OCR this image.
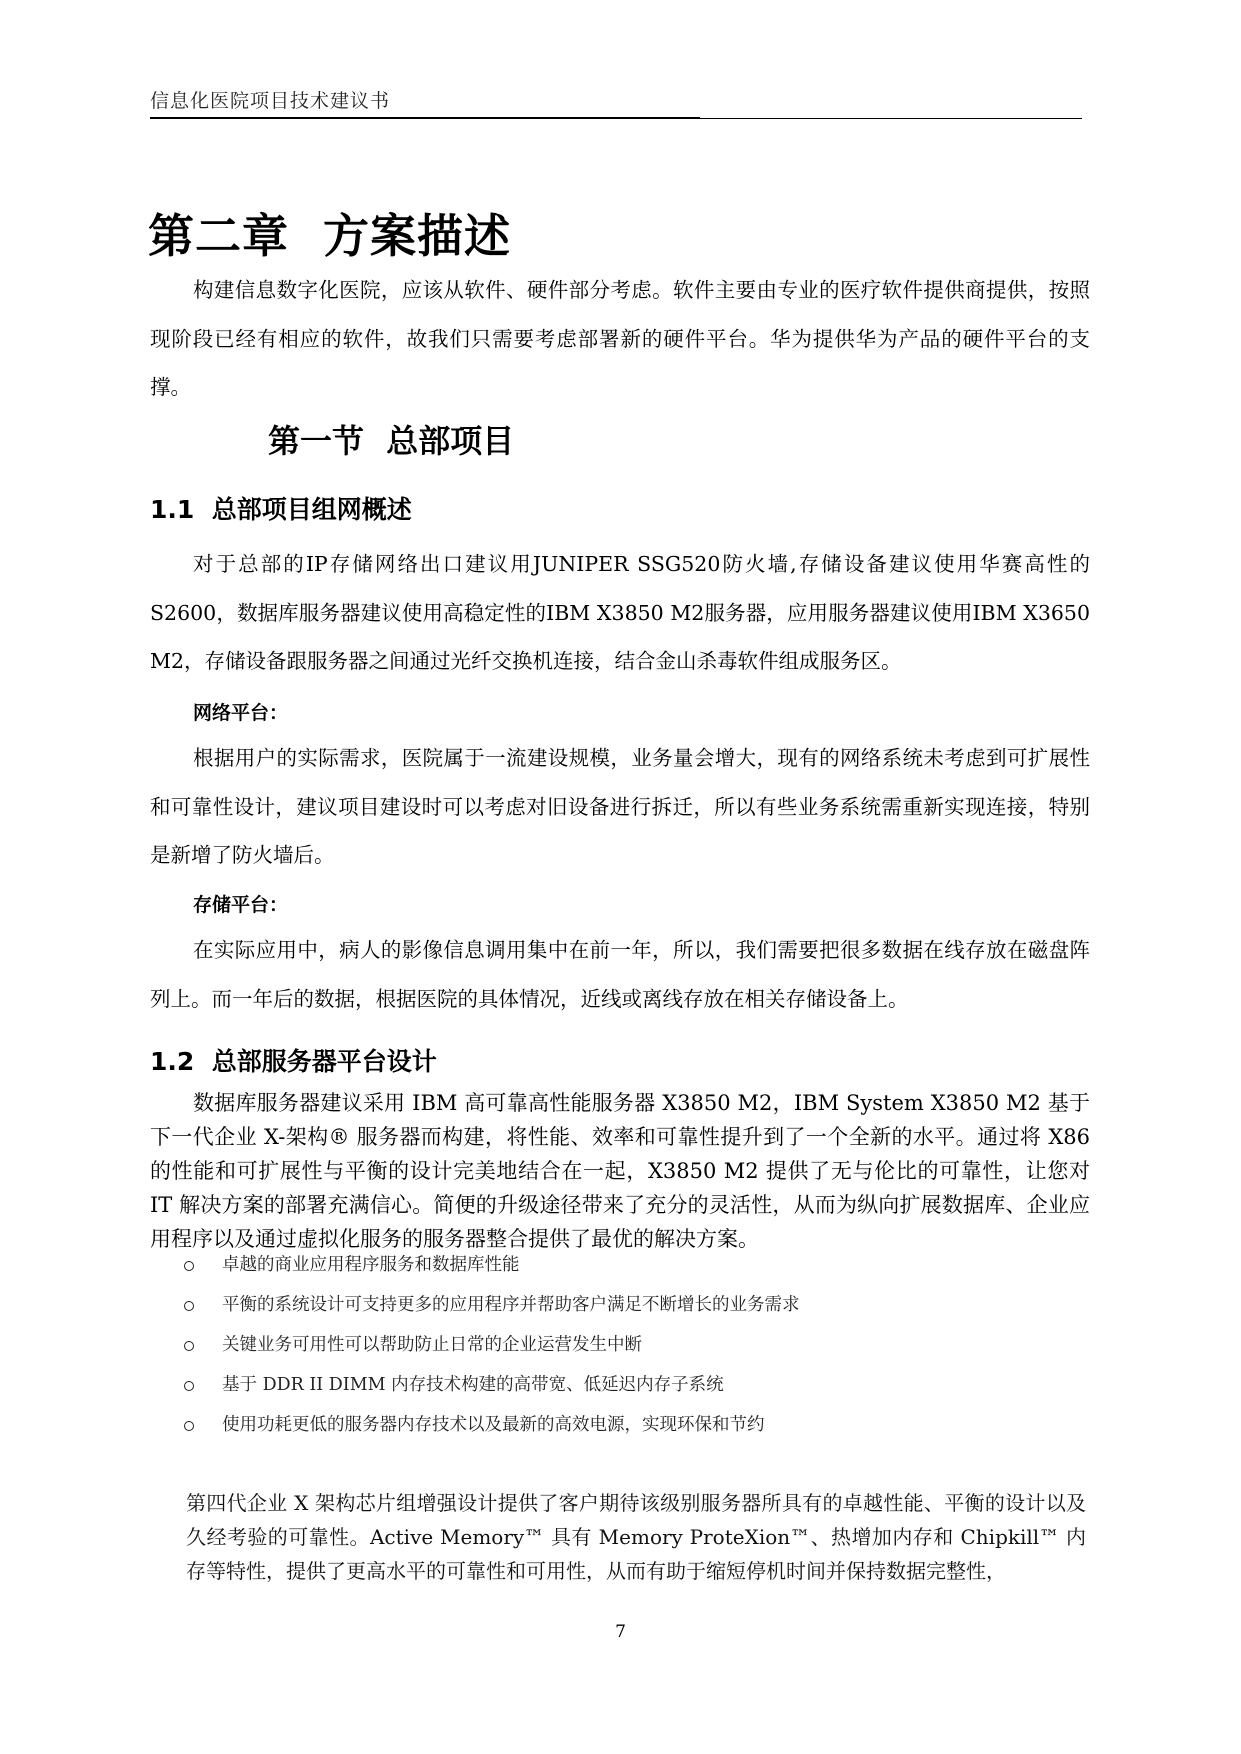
信息化医院项目技术建议书
第二章  方案描述

构建信息数字化医院，应该从软件、硬件部分考虑。软件主要由专业的医疗软件提供商提供，按照现阶段已经有相应的软件，故我们只需要考虑部署新的硬件平台。华为提供华为产品的硬件平台的支撑。

第一节  总部项目
1.1  总部项目组网概述

对于总部的IP存储网络出口建议用JUNIPER SSG520防火墙,存储设备建议使用华赛高性的S2600，数据库服务器建议使用高稳定性的IBM X3850 M2服务器，应用服务器建议使用IBM X3650 M2，存储设备跟服务器之间通过光纤交换机连接，结合金山杀毒软件组成服务区。

网络平台：

根据用户的实际需求，医院属于一流建设规模，业务量会增大，现有的网络系统未考虑到可扩展性和可靠性设计，建议项目建设时可以考虑对旧设备进行拆迁，所以有些业务系统需重新实现连接，特别是新增了防火墙后。

存储平台：

在实际应用中，病人的影像信息调用集中在前一年，所以，我们需要把很多数据在线存放在磁盘阵列上。而一年后的数据，根据医院的具体情况，近线或离线存放在相关存储设备上。

1.2  总部服务器平台设计

数据库服务器建议采用 IBM 高可靠高性能服务器 X3850 M2，IBM System X3850 M2 基于下一代企业 X-架构® 服务器而构建，将性能、效率和可靠性提升到了一个全新的水平。通过将 X86 的性能和可扩展性与平衡的设计完美地结合在一起，X3850 M2 提供了无与伦比的可靠性，让您对 IT 解决方案的部署充满信心。简便的升级途径带来了充分的灵活性，从而为纵向扩展数据库、企业应用程序以及通过虚拟化服务的服务器整合提供了最优的解决方案。

卓越的商业应用程序服务和数据库性能
平衡的系统设计可支持更多的应用程序并帮助客户满足不断增长的业务需求
关键业务可用性可以帮助防止日常的企业运营发生中断
基于 DDR II DIMM 内存技术构建的高带宽、低延迟内存子系统
使用功耗更低的服务器内存技术以及最新的高效电源，实现环保和节约
第四代企业 X 架构芯片组增强设计提供了客户期待该级别服务器所具有的卓越性能、平衡的设计以及久经考验的可靠性。Active Memory™ 具有 Memory ProteXion™、热增加内存和 Chipkill™ 内存等特性，提供了更高水平的可靠性和可用性，从而有助于缩短停机时间并保持数据完整性，
7
